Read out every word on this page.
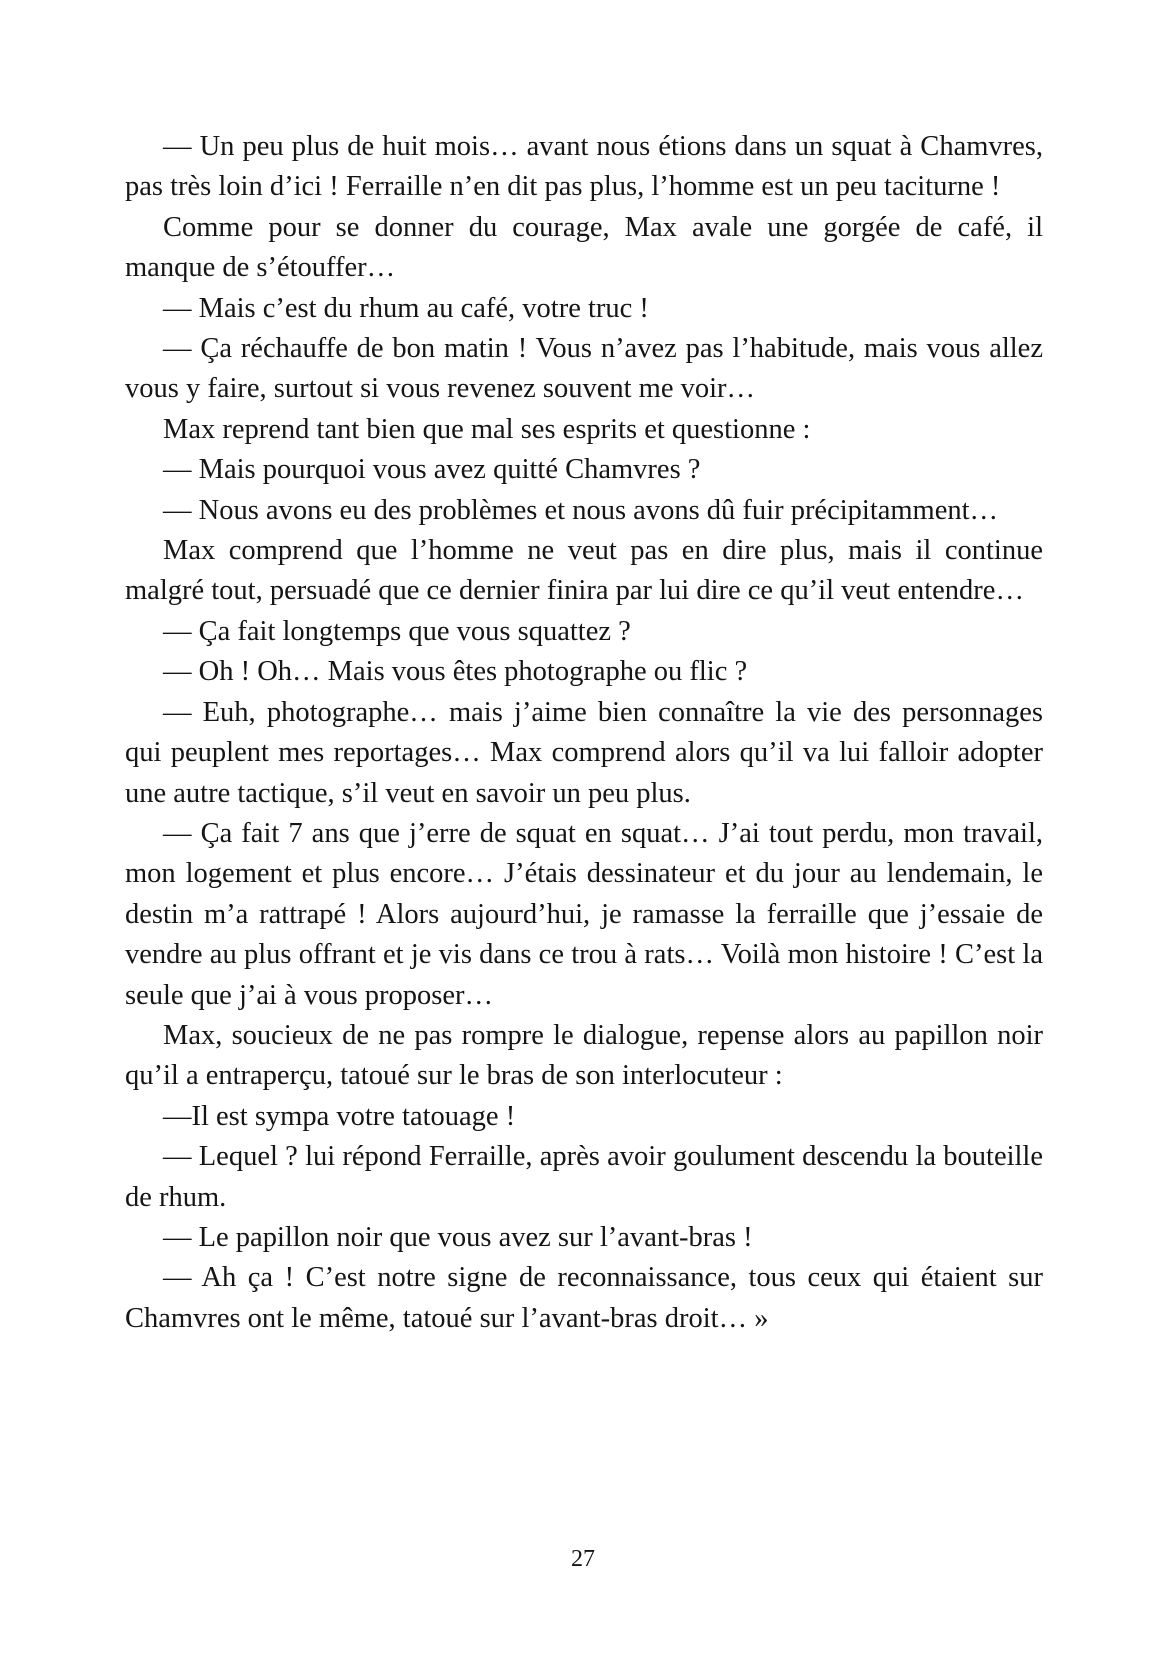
— Un peu plus de huit mois… avant nous étions dans un squat à Chamvres, pas très loin d’ici ! Ferraille n’en dit pas plus, l’homme est un peu taciturne !

Comme pour se donner du courage, Max avale une gorgée de café, il manque de s’étouffer…

— Mais c’est du rhum au café, votre truc !

— Ça réchauffe de bon matin ! Vous n’avez pas l’habitude, mais vous allez vous y faire, surtout si vous revenez souvent me voir…

Max reprend tant bien que mal ses esprits et questionne :

— Mais pourquoi vous avez quitté Chamvres ?

— Nous avons eu des problèmes et nous avons dû fuir précipitamment…

Max comprend que l’homme ne veut pas en dire plus, mais il continue malgré tout, persuadé que ce dernier finira par lui dire ce qu’il veut entendre…

— Ça fait longtemps que vous squattez ?

— Oh ! Oh… Mais vous êtes photographe ou flic ?

— Euh, photographe… mais j’aime bien connaître la vie des personnages qui peuplent mes reportages… Max comprend alors qu’il va lui falloir adopter une autre tactique, s’il veut en savoir un peu plus.

— Ça fait 7 ans que j’erre de squat en squat… J’ai tout perdu, mon travail, mon logement et plus encore… J’étais dessinateur et du jour au lendemain, le destin m’a rattrapé ! Alors aujourd’hui, je ramasse la ferraille que j’essaie de vendre au plus offrant et je vis dans ce trou à rats… Voilà mon histoire ! C’est la seule que j’ai à vous proposer…

Max, soucieux de ne pas rompre le dialogue, repense alors au papillon noir qu’il a entraperçu, tatoué sur le bras de son interlocuteur :

—Il est sympa votre tatouage !

— Lequel ? lui répond Ferraille, après avoir goulument descendu la bouteille de rhum.

— Le papillon noir que vous avez sur l’avant-bras !

— Ah ça ! C’est notre signe de reconnaissance, tous ceux qui étaient sur Chamvres ont le même, tatoué sur l’avant-bras droit… »

27
